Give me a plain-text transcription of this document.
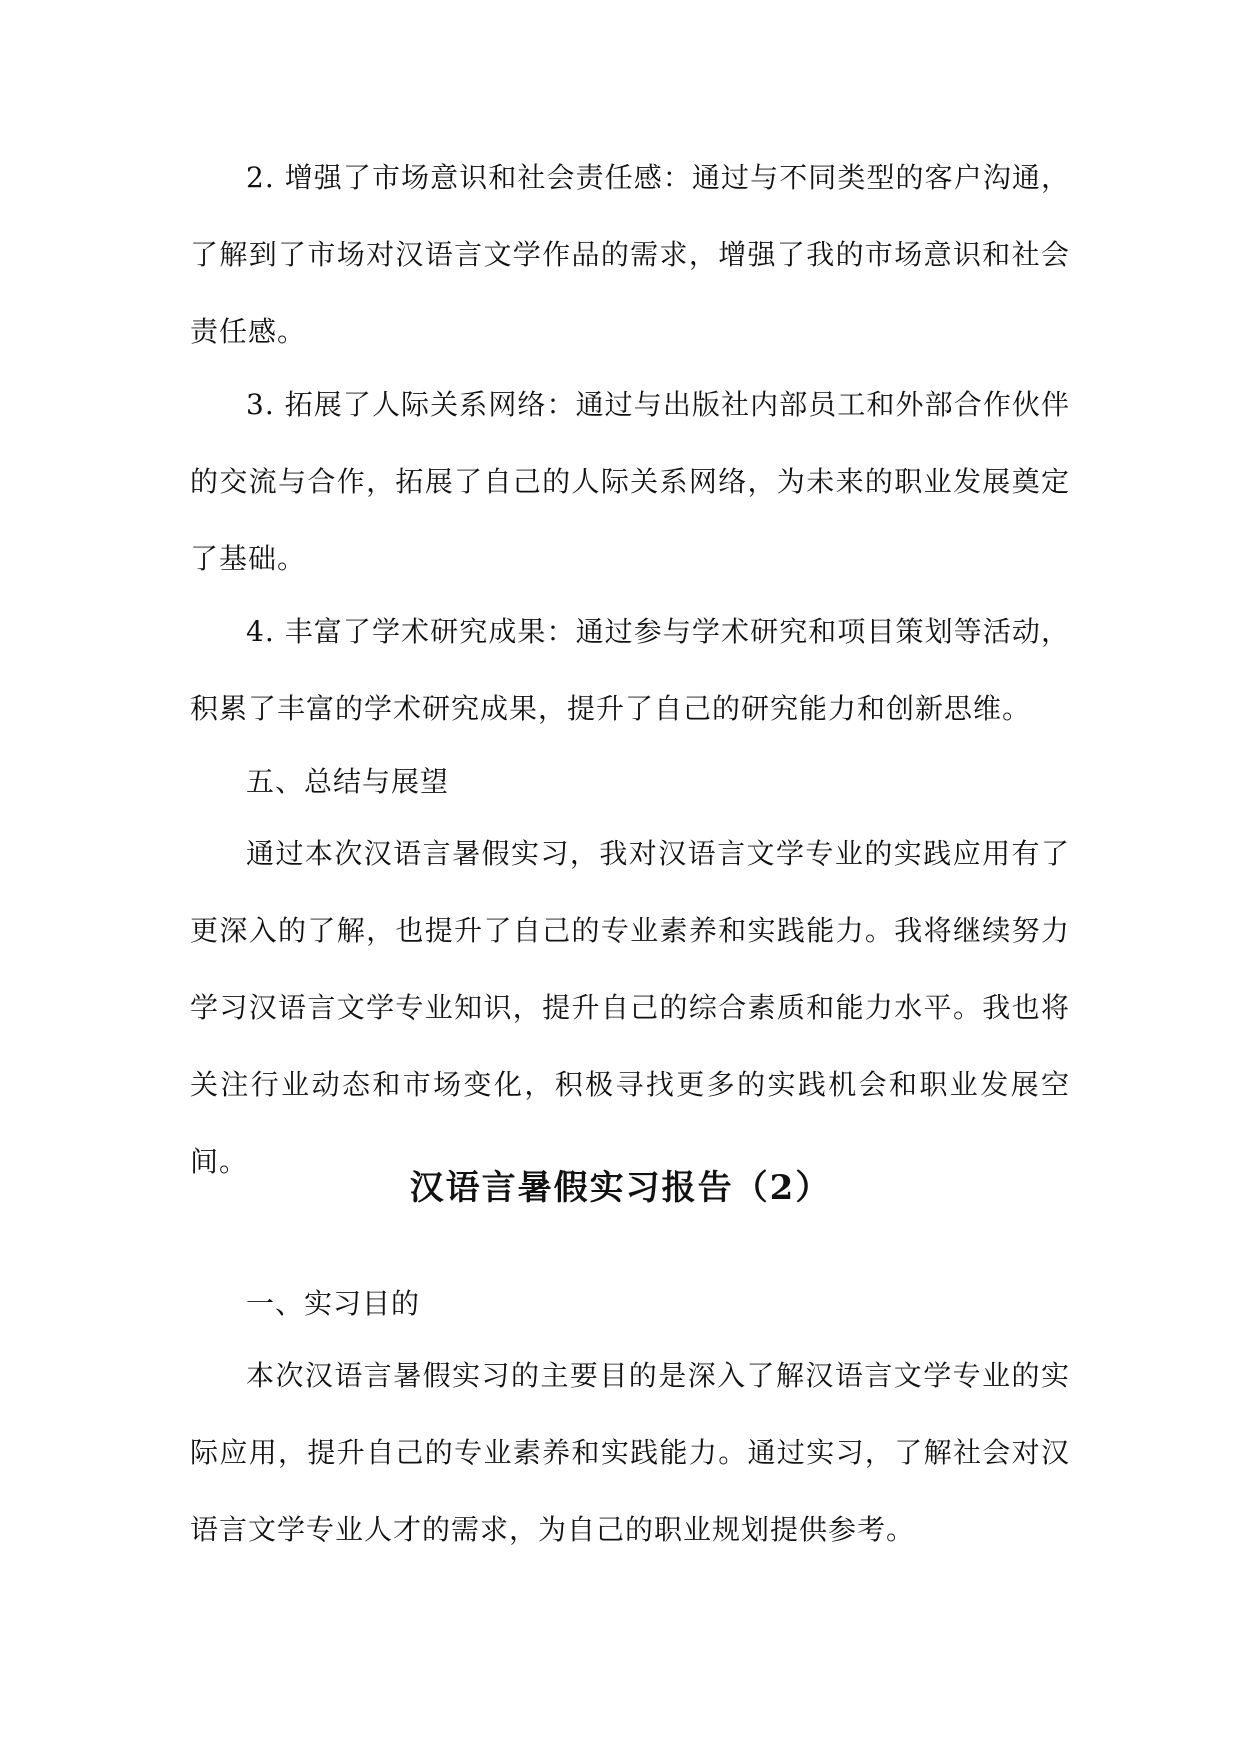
2. 增强了市场意识和社会责任感：通过与不同类型的客户沟通，了解到了市场对汉语言文学作品的需求，增强了我的市场意识和社会责任感。

3. 拓展了人际关系网络：通过与出版社内部员工和外部合作伙伴的交流与合作，拓展了自己的人际关系网络，为未来的职业发展奠定了基础。

4. 丰富了学术研究成果：通过参与学术研究和项目策划等活动，积累了丰富的学术研究成果，提升了自己的研究能力和创新思维。

五、总结与展望

通过本次汉语言暑假实习，我对汉语言文学专业的实践应用有了更深入的了解，也提升了自己的专业素养和实践能力。我将继续努力学习汉语言文学专业知识，提升自己的综合素质和能力水平。我也将关注行业动态和市场变化，积极寻找更多的实践机会和职业发展空间。

汉语言暑假实习报告（2）

一、实习目的

本次汉语言暑假实习的主要目的是深入了解汉语言文学专业的实际应用，提升自己的专业素养和实践能力。通过实习，了解社会对汉语言文学专业人才的需求，为自己的职业规划提供参考。
